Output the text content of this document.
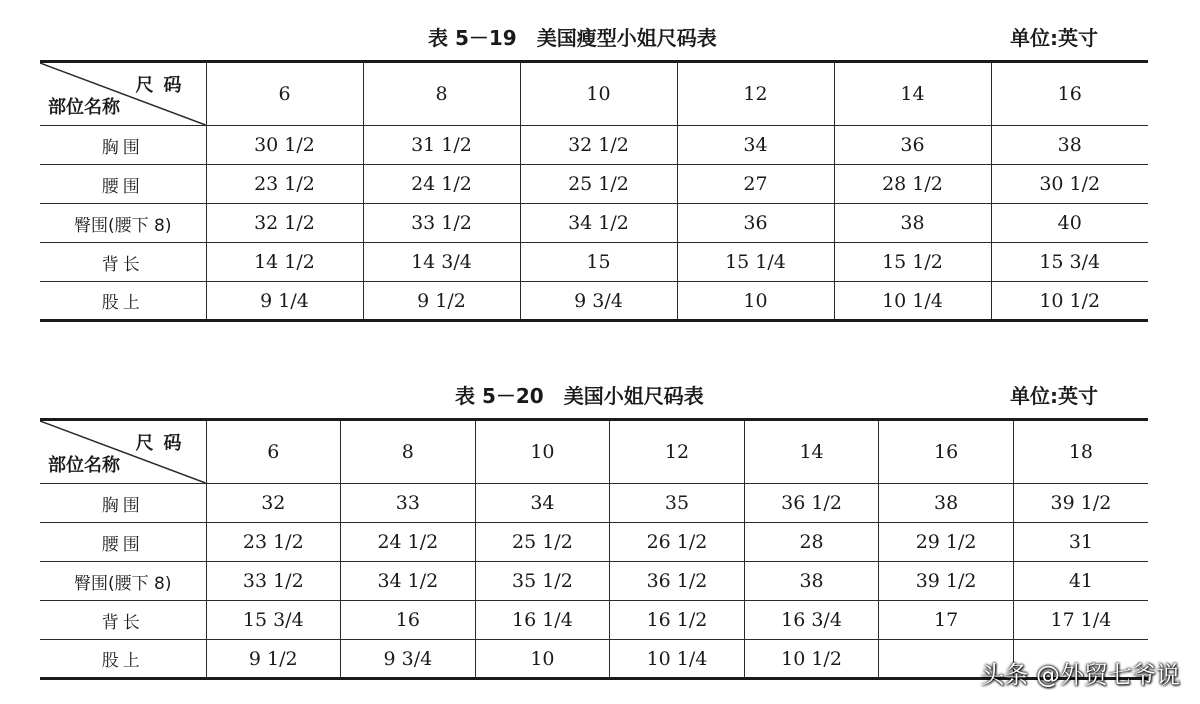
表 5－19　美国瘦型小姐尺码表	单位:英寸
尺码
部位名称	6	8	10	12	14	16
胸围	30 1/2	31 1/2	32 1/2	34	36	38
腰围	23 1/2	24 1/2	25 1/2	27	28 1/2	30 1/2
臀围(腰下 8)	32 1/2	33 1/2	34 1/2	36	38	40
背长	14 1/2	14 3/4	15	15 1/4	15 1/2	15 3/4
股上	9 1/4	9 1/2	9 3/4	10	10 1/4	10 1/2
表 5－20　美国小姐尺码表	单位:英寸
尺码
部位名称	6	8	10	12	14	16	18
胸围	32	33	34	35	36 1/2	38	39 1/2
腰围	23 1/2	24 1/2	25 1/2	26 1/2	28	29 1/2	31
臀围(腰下 8)	33 1/2	34 1/2	35 1/2	36 1/2	38	39 1/2	41
背长	15 3/4	16	16 1/4	16 1/2	16 3/4	17	17 1/4
股上	9 1/2	9 3/4	10	10 1/4	10 1/2		
头条 @外贸七爷说
